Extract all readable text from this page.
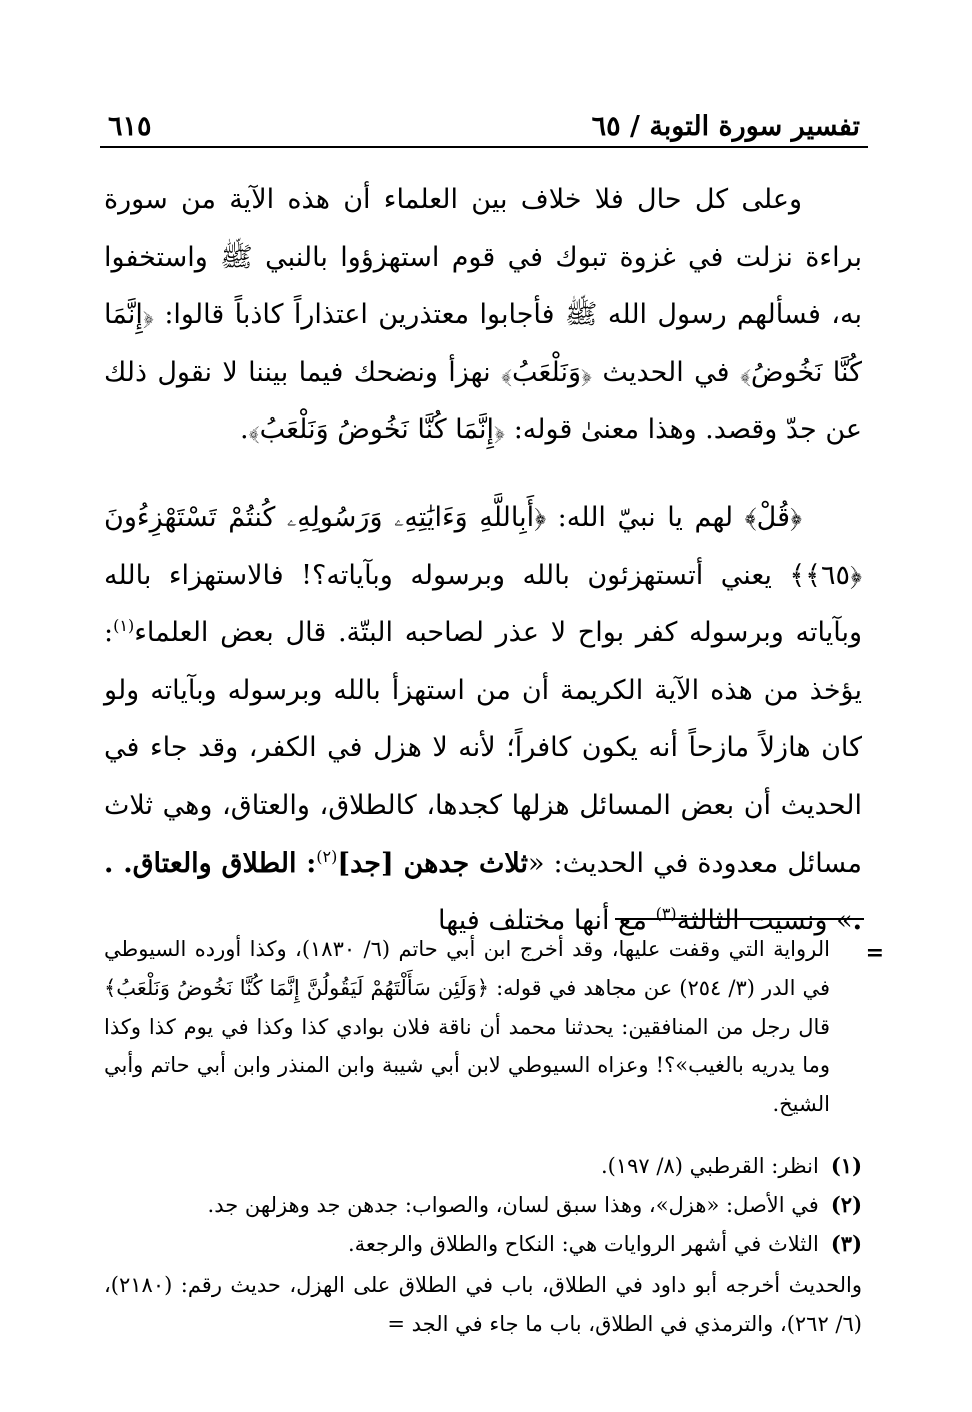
تفسير سورة التوبة / ٦٥
٦١٥

وعلى كل حال فلا خلاف بين العلماء أن هذه الآية من سورة براءة نزلت في غزوة تبوك في قوم استهزؤوا بالنبي ﷺ واستخفوا به، فسألهم رسول الله ﷺ فأجابوا معتذرين اعتذاراً كاذباً قالوا: ﴿إِنَّمَا كُنَّا نَخُوضُ﴾ في الحديث ﴿وَنَلْعَبُ﴾ نهزأ ونضحك فيما بيننا لا نقول ذلك عن جدّ وقصد. وهذا معنىٰ قوله: ﴿إِنَّمَا كُنَّا نَخُوضُ وَنَلْعَبُ﴾.

﴿قُلْ﴾ لهم يا نبيّ الله: ﴿أَبِاللَّهِ وَءَايَٰتِهِۦ وَرَسُولِهِۦ كُنتُمْ تَسْتَهْزِءُونَ ﴿٦٥﴾﴾ يعني أتستهزئون بالله وبرسوله وبآياته؟! فالاستهزاء بالله وبآياته وبرسوله كفر بواح لا عذر لصاحبه البتّة. قال بعض العلماء$^{(١)}$: يؤخذ من هذه الآية الكريمة أن من استهزأ بالله وبرسوله وبآياته ولو كان هازلاً مازحاً أنه يكون كافراً؛ لأنه لا هزل في الكفر، وقد جاء في الحديث أن بعض المسائل هزلها كجدها، كالطلاق، والعتاق، وهي ثلاث مسائل معدودة في الحديث: «ثلاث جدهن [جد]$^{(٢)}$: الطلاق والعتاق. . .» ونسيت الثالثة$^{(٣)}$ مع أنها مختلف فيها

=

الرواية التي وقفت عليها، وقد أخرج ابن أبي حاتم (٦/ ١٨٣٠)، وكذا أورده السيوطي في الدر (٣/ ٢٥٤) عن مجاهد في قوله: ﴿وَلَئِن سَأَلْتَهُمْ لَيَقُولُنَّ إِنَّمَا كُنَّا نَخُوضُ وَنَلْعَبُ﴾ قال رجل من المنافقين: يحدثنا محمد أن ناقة فلان بوادي كذا وكذا في يوم كذا وكذا وما يدريه بالغيب»؟! وعزاه السيوطي لابن أبي شيبة وابن المنذر وابن أبي حاتم وأبي الشيخ.

(١)
انظر: القرطبي (٨/ ١٩٧).
(٢)
في الأصل: «هزل»، وهذا سبق لسان، والصواب: جدهن جد وهزلهن جد.
(٣)
الثلاث في أشهر الروايات هي: النكاح والطلاق والرجعة.

والحديث أخرجه أبو داود في الطلاق، باب في الطلاق على الهزل، حديث رقم: (٢١٨٠)، (٦/ ٢٦٢)، والترمذي في الطلاق، باب ما جاء في الجد =
